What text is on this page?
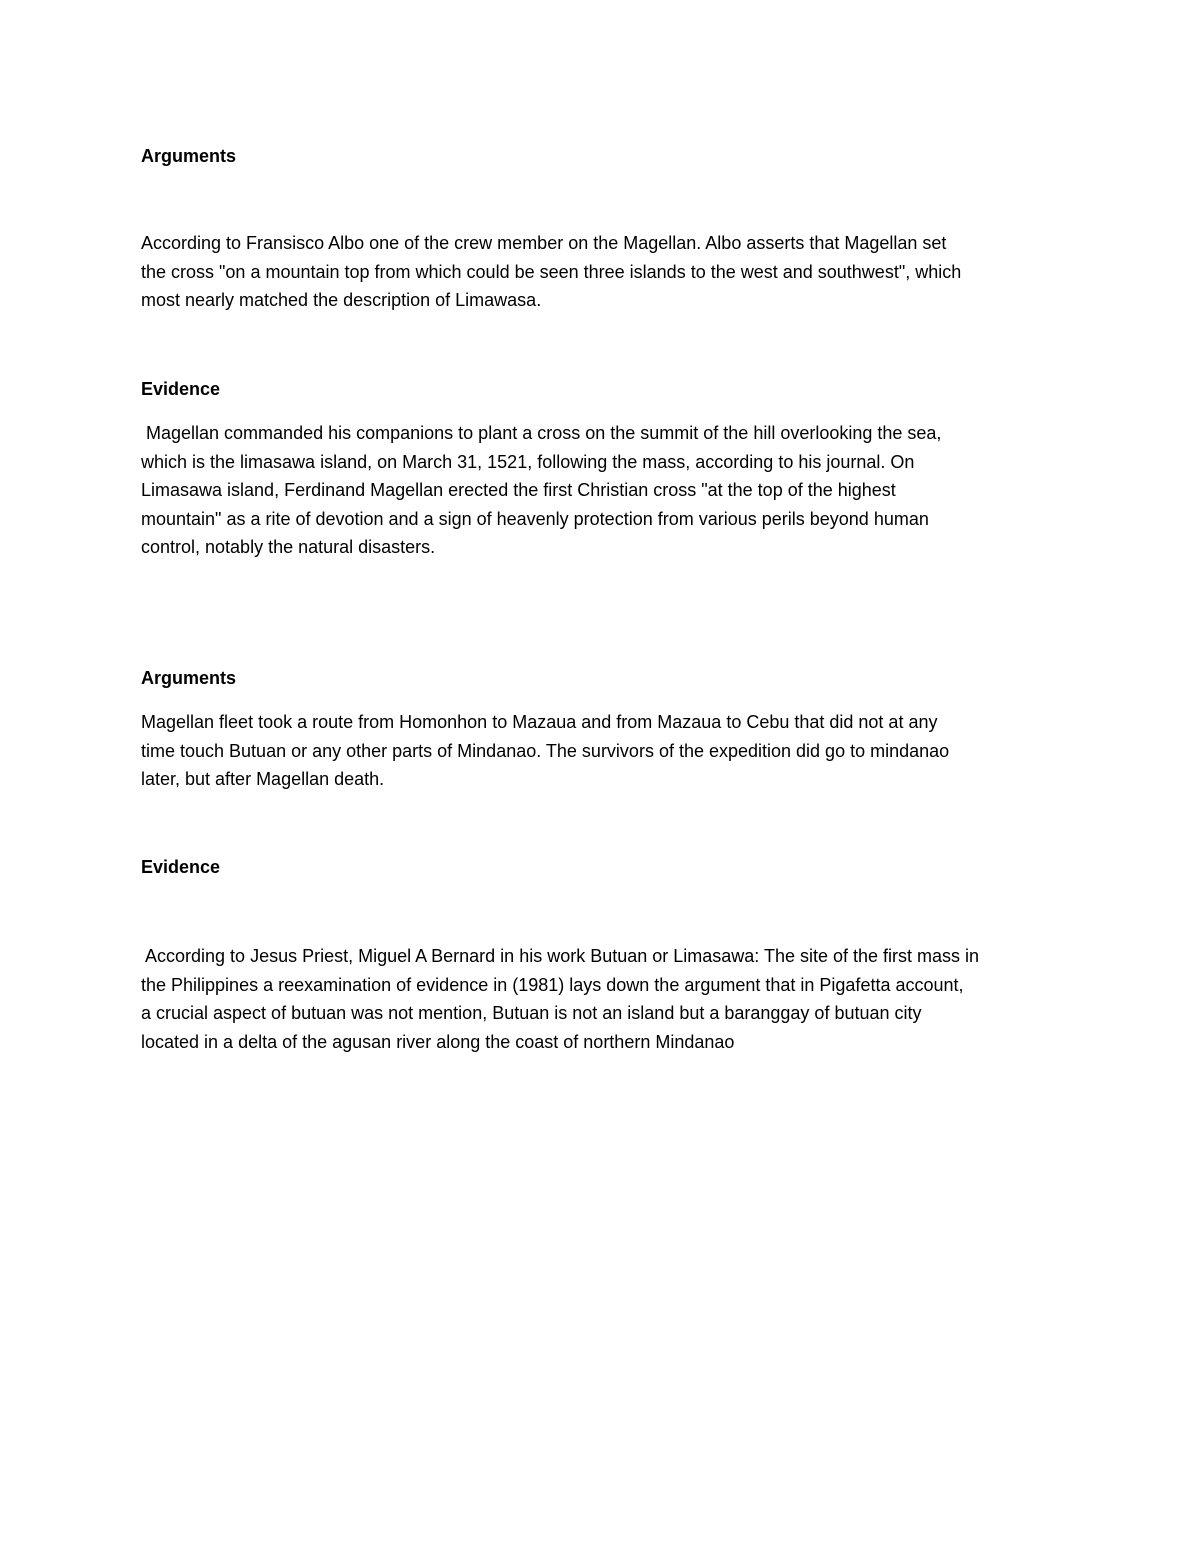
Arguments
According to Fransisco Albo one of the crew member on the Magellan. Albo asserts that Magellan set
the cross "on a mountain top from which could be seen three islands to the west and southwest", which
most nearly matched the description of Limawasa.
Evidence
Magellan commanded his companions to plant a cross on the summit of the hill overlooking the sea,
which is the limasawa island, on March 31, 1521, following the mass, according to his journal. On
Limasawa island, Ferdinand Magellan erected the first Christian cross "at the top of the highest
mountain" as a rite of devotion and a sign of heavenly protection from various perils beyond human
control, notably the natural disasters.
Arguments
Magellan fleet took a route from Homonhon to Mazaua and from Mazaua to Cebu that did not at any
time touch Butuan or any other parts of Mindanao. The survivors of the expedition did go to mindanao
later, but after Magellan death.
Evidence
According to Jesus Priest, Miguel A Bernard in his work Butuan or Limasawa: The site of the first mass in
the Philippines a reexamination of evidence in (1981) lays down the argument that in Pigafetta account,
a crucial aspect of butuan was not mention, Butuan is not an island but a baranggay of butuan city
located in a delta of the agusan river along the coast of northern Mindanao
